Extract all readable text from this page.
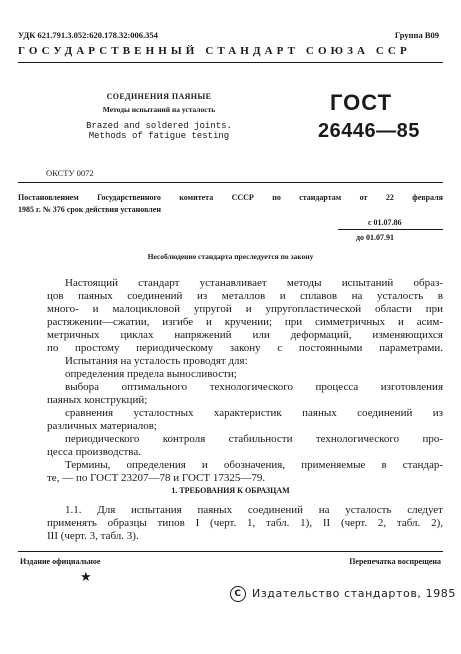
УДК 621.791.3.052:620.178.32:006.354	Группа В09
ГОСУДАРСТВЕННЫЙ СТАНДАРТ СОЮЗА ССР
СОЕДИНЕНИЯ ПАЯНЫЕ
Методы испытаний на усталость
Brazed and soldered joints.
Methods of fatigue testing
ГОСТ
26446—85
ОКСТУ 0072
Постановлением Государственного комитета СССР по стандартам от 22 февраля
1985 г. № 376 срок действия установлен
с 01.07.86
до 01.07.91
Несоблюдение стандарта преследуется по закону
Настоящий стандарт устанавливает методы испытаний образ-
цов паяных соединений из металлов и сплавов на усталость в
много- и малоцикловой упругой и упругопластической области при
растяжении—сжатии, изгибе и кручении; при симметричных и асим-
метричных циклах напряжений или деформаций, изменяющихся
по простому периодическому закону с постоянными параметрами.
Испытания на усталость проводят для:
определения предела выносливости;
выбора оптимального технологического процесса изготовления
паяных конструкций;
сравнения усталостных характеристик паяных соединений из
различных материалов;
периодического контроля стабильности технологического про-
цесса производства.
Термины, определения и обозначения, применяемые в стандар-
те, — по ГОСТ 23207—78 и ГОСТ 17325—79.
1. ТРЕБОВАНИЯ К ОБРАЗЦАМ
1.1. Для испытания паяных соединений на усталость следует
применять образцы типов I (черт. 1, табл. 1), II (черт. 2, табл. 2),
III (черт. 3, табл. 3).
Издание официальное	Перепечатка воспрещена
★
C Издательство стандартов, 1985
